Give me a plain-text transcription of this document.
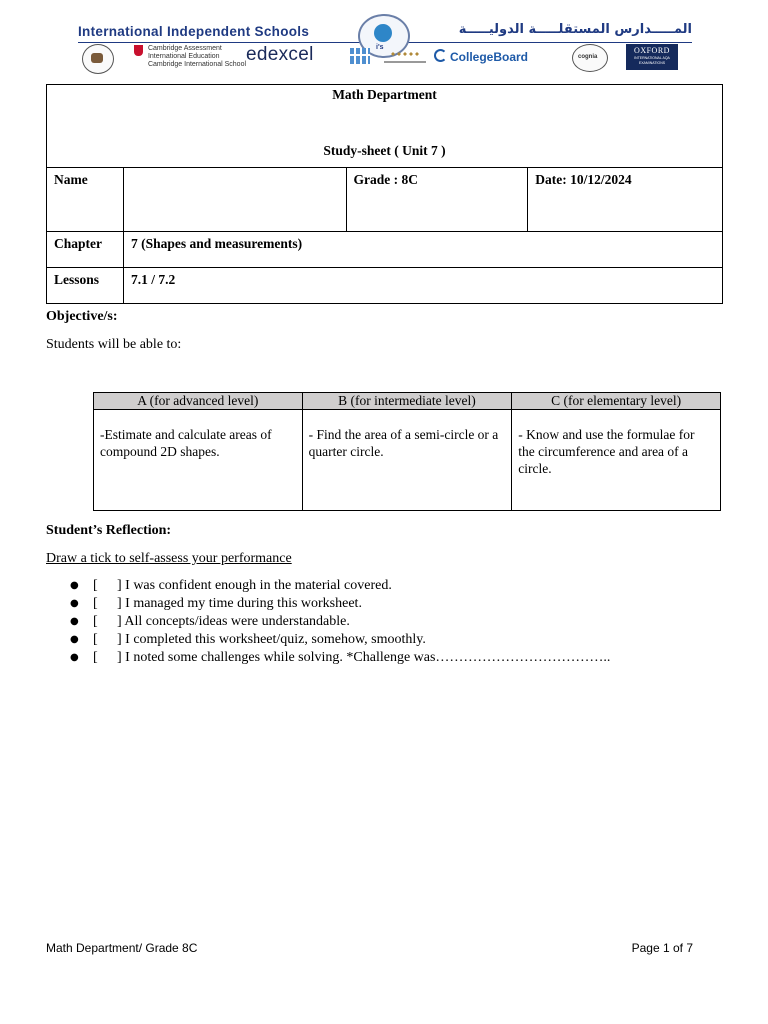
International Independent Schools	المـــــدارس المستقلـــــة الدوليـــــة
i's

Cambridge Assessment
International Education
Cambridge International School edexcel	CollegeBoard	cognia
OXFORD
INTERNATIONAL AQA EXAMINATIONS
Math Department
Study-sheet ( Unit 7 )			

Name		Grade : 8C	Date: 10/12/2024
Chapter	7 (Shapes and measurements)		
Lessons	7.1 / 7.2		
Objective/s:
Students will be able to:
A (for advanced level)	B (for intermediate level)	C (for elementary level)
-Estimate and calculate areas of compound 2D shapes.	- Find the area of a semi-circle or a quarter circle.	- Know and use the formulae for the circumference and area of a circle.
Student’s Reflection:
Draw a tick to self-assess your performance
● [ ] I was confident enough in the material covered.
● [ ] I managed my time during this worksheet.
● [ ] All concepts/ideas were understandable.
● [ ] I completed this worksheet/quiz, somehow, smoothly.
● [ ] I noted some challenges while solving. *Challenge was………………………………..
Math Department/ Grade 8C	Page 1 of 7
